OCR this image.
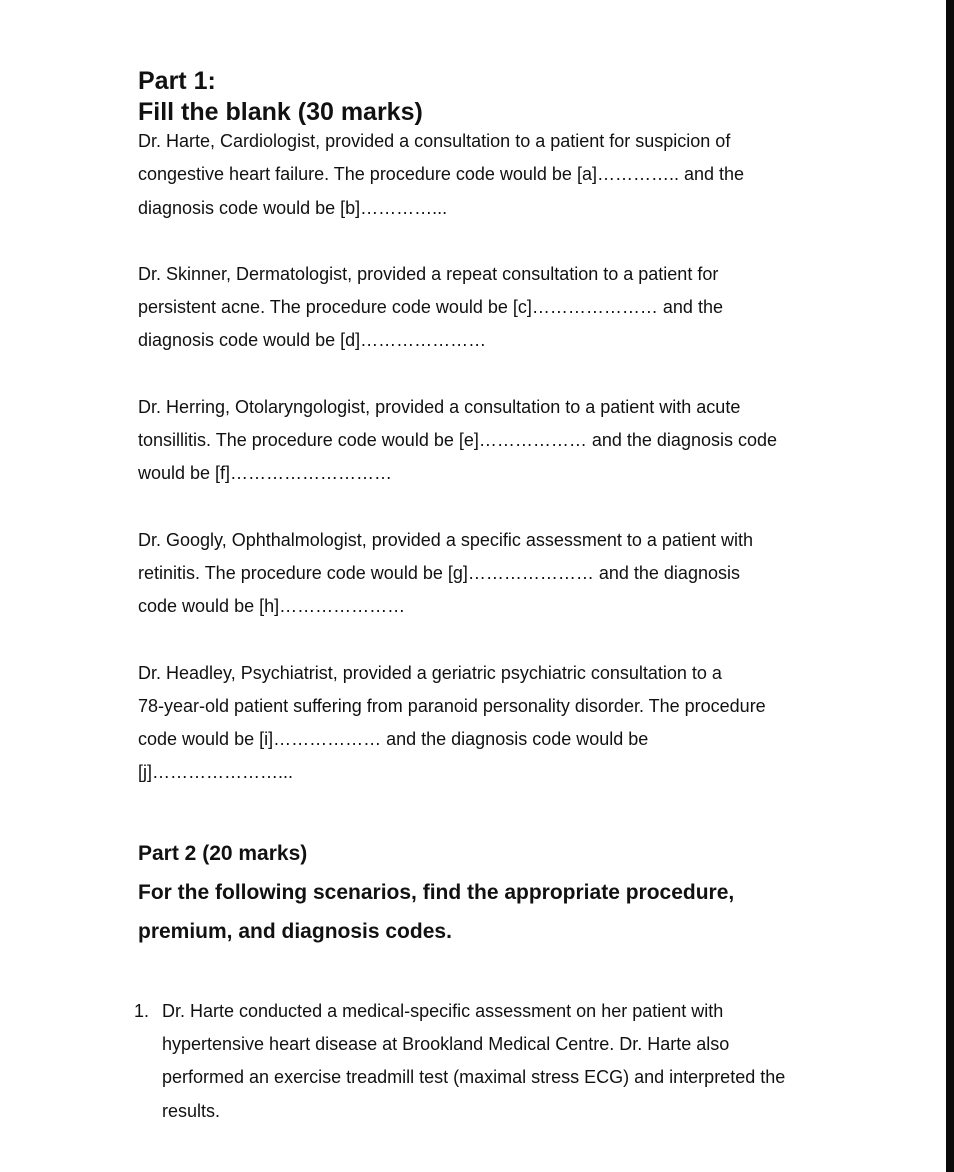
Part 1:
Fill the blank (30 marks)
Dr. Harte, Cardiologist, provided a consultation to a patient for suspicion of
congestive heart failure. The procedure code would be [a]………….. and the
diagnosis code would be [b]…………...
Dr. Skinner, Dermatologist, provided a repeat consultation to a patient for
persistent acne. The procedure code would be [c]………………… and the
diagnosis code would be [d]…………………
Dr. Herring, Otolaryngologist, provided a consultation to a patient with acute
tonsillitis. The procedure code would be [e]……………… and the diagnosis code
would be [f]………………………
Dr. Googly, Ophthalmologist, provided a specific assessment to a patient with
retinitis. The procedure code would be [g]………………… and the diagnosis
code would be [h]…………………
Dr. Headley, Psychiatrist, provided a geriatric psychiatric consultation to a
78-year-old patient suffering from paranoid personality disorder. The procedure
code would be [i]……………… and the diagnosis code would be
[j]…………………...
Part 2 (20 marks)
For the following scenarios, find the appropriate procedure,
premium, and diagnosis codes.
1. Dr. Harte conducted a medical-specific assessment on her patient with
hypertensive heart disease at Brookland Medical Centre. Dr. Harte also
performed an exercise treadmill test (maximal stress ECG) and interpreted the
results.
